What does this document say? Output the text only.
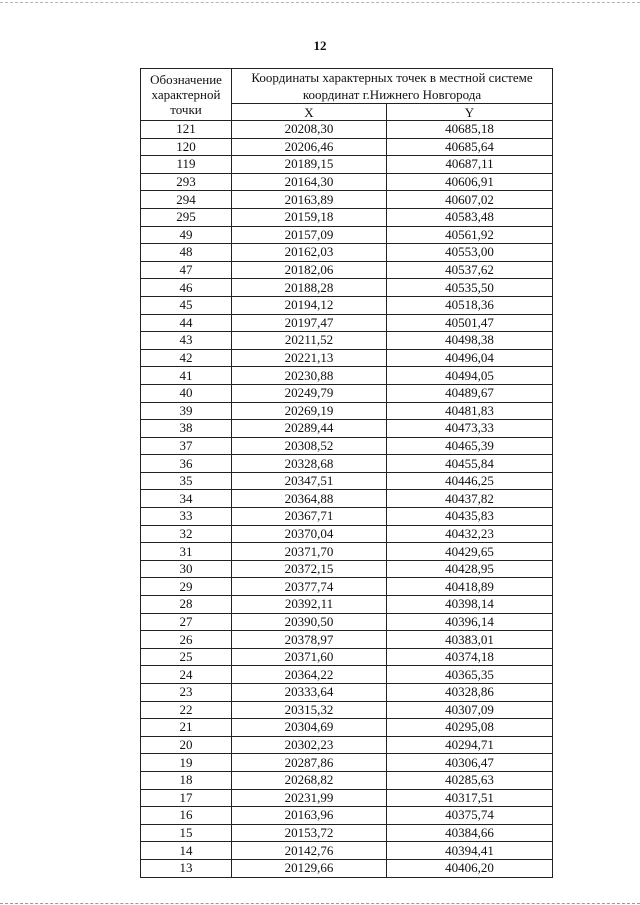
12
Обозначение характерной точки	Координаты характерных точек в местной системе координат г.Нижнего Новгорода	
	X	Y
121	20208,30	40685,18
120	20206,46	40685,64
119	20189,15	40687,11
293	20164,30	40606,91
294	20163,89	40607,02
295	20159,18	40583,48
49	20157,09	40561,92
48	20162,03	40553,00
47	20182,06	40537,62
46	20188,28	40535,50
45	20194,12	40518,36
44	20197,47	40501,47
43	20211,52	40498,38
42	20221,13	40496,04
41	20230,88	40494,05
40	20249,79	40489,67
39	20269,19	40481,83
38	20289,44	40473,33
37	20308,52	40465,39
36	20328,68	40455,84
35	20347,51	40446,25
34	20364,88	40437,82
33	20367,71	40435,83
32	20370,04	40432,23
31	20371,70	40429,65
30	20372,15	40428,95
29	20377,74	40418,89
28	20392,11	40398,14
27	20390,50	40396,14
26	20378,97	40383,01
25	20371,60	40374,18
24	20364,22	40365,35
23	20333,64	40328,86
22	20315,32	40307,09
21	20304,69	40295,08
20	20302,23	40294,71
19	20287,86	40306,47
18	20268,82	40285,63
17	20231,99	40317,51
16	20163,96	40375,74
15	20153,72	40384,66
14	20142,76	40394,41
13	20129,66	40406,20
